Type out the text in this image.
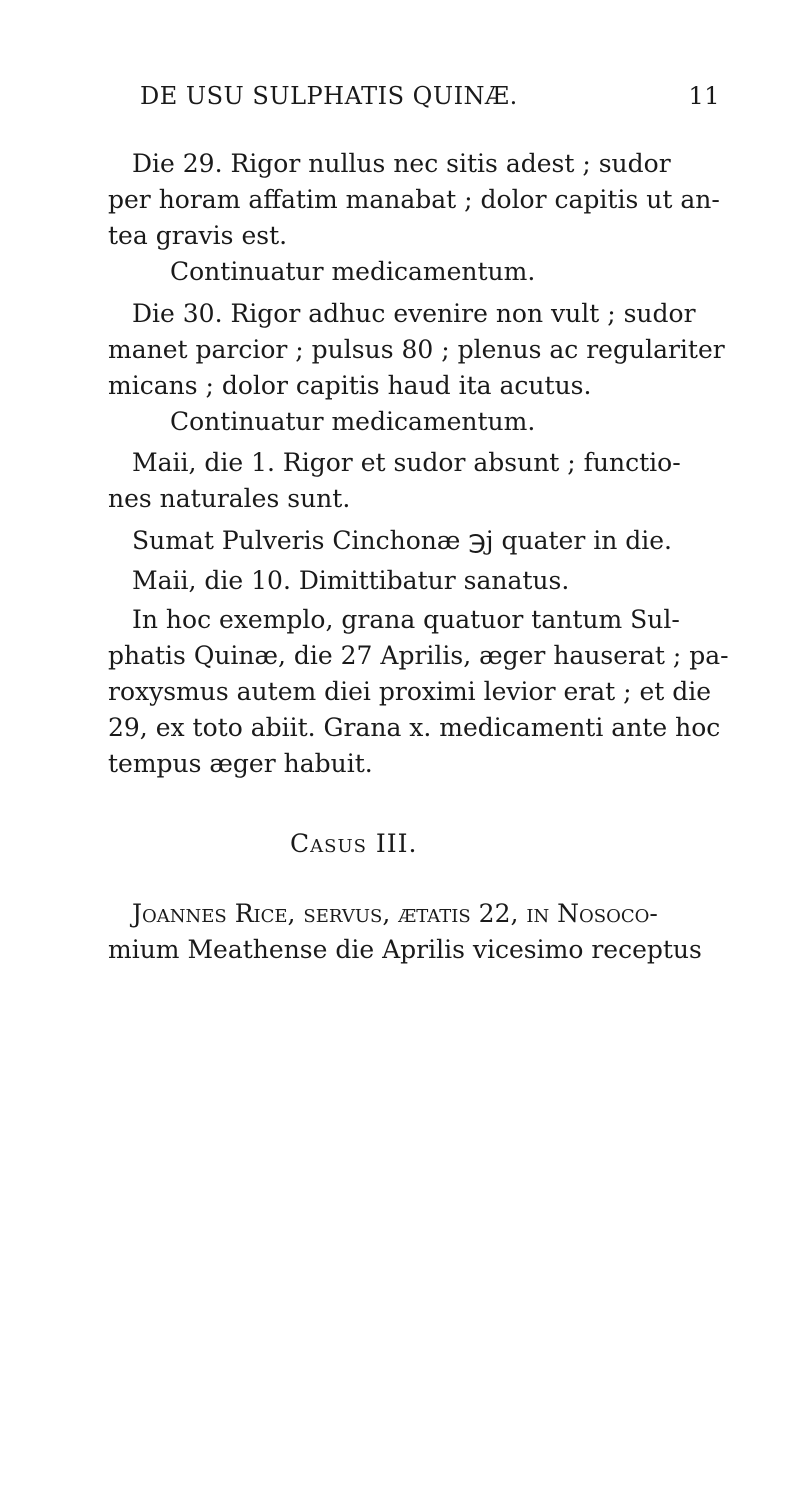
DE USU SULPHATIS QUINÆ.	11
Die 29. Rigor nullus nec sitis adest ; sudor
per horam affatim manabat ; dolor capitis ut an-
tea gravis est.
Continuatur medicamentum.
Die 30. Rigor adhuc evenire non vult ; sudor
manet parcior ; pulsus 80 ; plenus ac regulariter
micans ; dolor capitis haud ita acutus.
Continuatur medicamentum.
Maii, die 1. Rigor et sudor absunt ; functio-
nes naturales sunt.
Sumat Pulveris Cinchonæ ℈j quater in die.
Maii, die 10. Dimittibatur sanatus.
In hoc exemplo, grana quatuor tantum Sul-
phatis Quinæ, die 27 Aprilis, æger hauserat ; pa-
roxysmus autem diei proximi levior erat ; et die
29, ex toto abiit. Grana x. medicamenti ante hoc
tempus æger habuit.
Casus III.
Joannes Rice, servus, ætatis 22, in Nosoco-
mium Meathense die Aprilis vicesimo receptus
